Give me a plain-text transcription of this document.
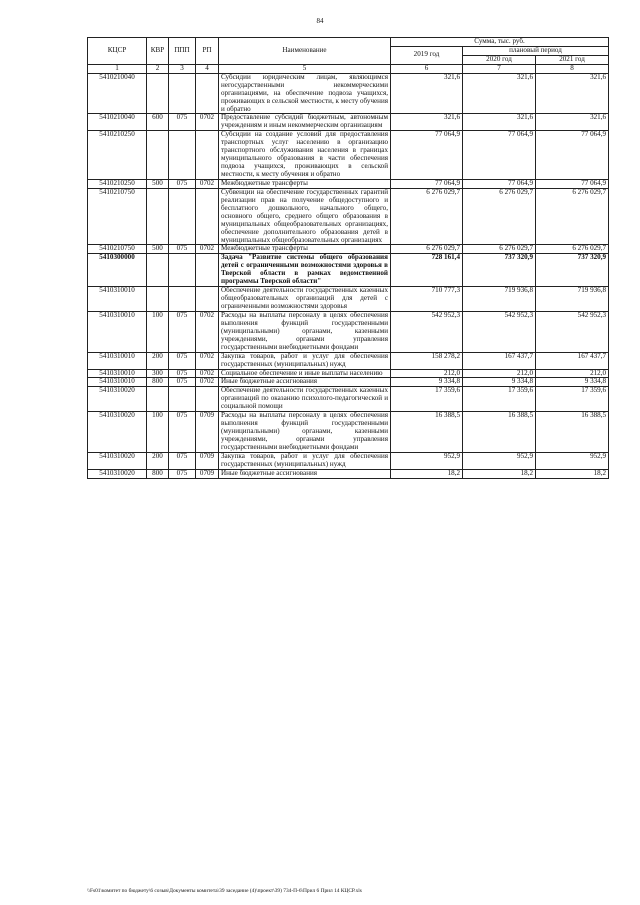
84
КЦСР	КВР	ППП	РП	Наименование	Сумма, тыс. руб.		
					2019 год	плановый период	
						2020 год	2021 год
1	2	3	4	5	6	7	8
5410210040				Субсидии юридическим лицам, являющимся негосударственными некоммерческими организациями, на обеспечение подвоза учащихся, проживающих в сельской местности, к месту обучения и обратно	321,6	321,6	321,6
5410210040	600	075	0702	Предоставление субсидий бюджетным, автономным учреждениям и иным некоммерческим организациям	321,6	321,6	321,6
5410210250				Субсидии на создание условий для предоставления транспортных услуг населению в организацию транспортного обслуживания населения в границах муниципального образования в части обеспечения подвоза учащихся, проживающих в сельской местности, к месту обучения и обратно	77 064,9	77 064,9	77 064,9
5410210250	500	075	0702	Межбюджетные трансферты	77 064,9	77 064,9	77 064,9
5410210750				Субвенции на обеспечение государственных гарантий реализации прав на получение общедоступного и бесплатного дошкольного, начального общего, основного общего, среднего общего образования в муниципальных общеобразовательных организациях, обеспечение дополнительного образования детей в муниципальных общеобразовательных организациях	6 276 029,7	6 276 029,7	6 276 029,7
5410210750	500	075	0702	Межбюджетные трансферты	6 276 029,7	6 276 029,7	6 276 029,7
5410300000				Задача "Развитие системы общего образования детей с ограниченными возможностями здоровья в Тверской области в рамках ведомственной программы Тверской области"	728 161,4	737 320,9	737 320,9
5410310010				Обеспечение деятельности государственных казенных общеобразовательных организаций для детей с ограниченными возможностями здоровья	710 777,3	719 936,8	719 936,8
5410310010	100	075	0702	Расходы на выплаты персоналу в целях обеспечения выполнения функций государственными (муниципальными) органами, казенными учреждениями, органами управления государственными внебюджетными фондами	542 952,3	542 952,3	542 952,3
5410310010	200	075	0702	Закупка товаров, работ и услуг для обеспечения государственных (муниципальных) нужд	158 278,2	167 437,7	167 437,7
5410310010	300	075	0702	Социальное обеспечение и иные выплаты населению	212,0	212,0	212,0
5410310010	800	075	0702	Иные бюджетные ассигнования	9 334,8	9 334,8	9 334,8
5410310020				Обеспечение деятельности государственных казенных организаций по оказанию психолого-педагогической и социальной помощи	17 359,6	17 359,6	17 359,6
5410310020	100	075	0709	Расходы на выплаты персоналу в целях обеспечения выполнения функций государственными (муниципальными) органами, казенными учреждениями, органами управления государственными внебюджетными фондами	16 388,5	16 388,5	16 388,5
5410310020	200	075	0709	Закупка товаров, работ и услуг для обеспечения государственных (муниципальных) нужд	952,9	952,9	952,9
5410310020	800	075	0709	Иные бюджетные ассигнования	18,2	18,2	18,2
\\Fs01\комитет по бюджету\6 созыв\Документы комитета\39 заседание (4)\проект\39) 734-П-6\Прил 6 Прил 14 КЦСР.xls
